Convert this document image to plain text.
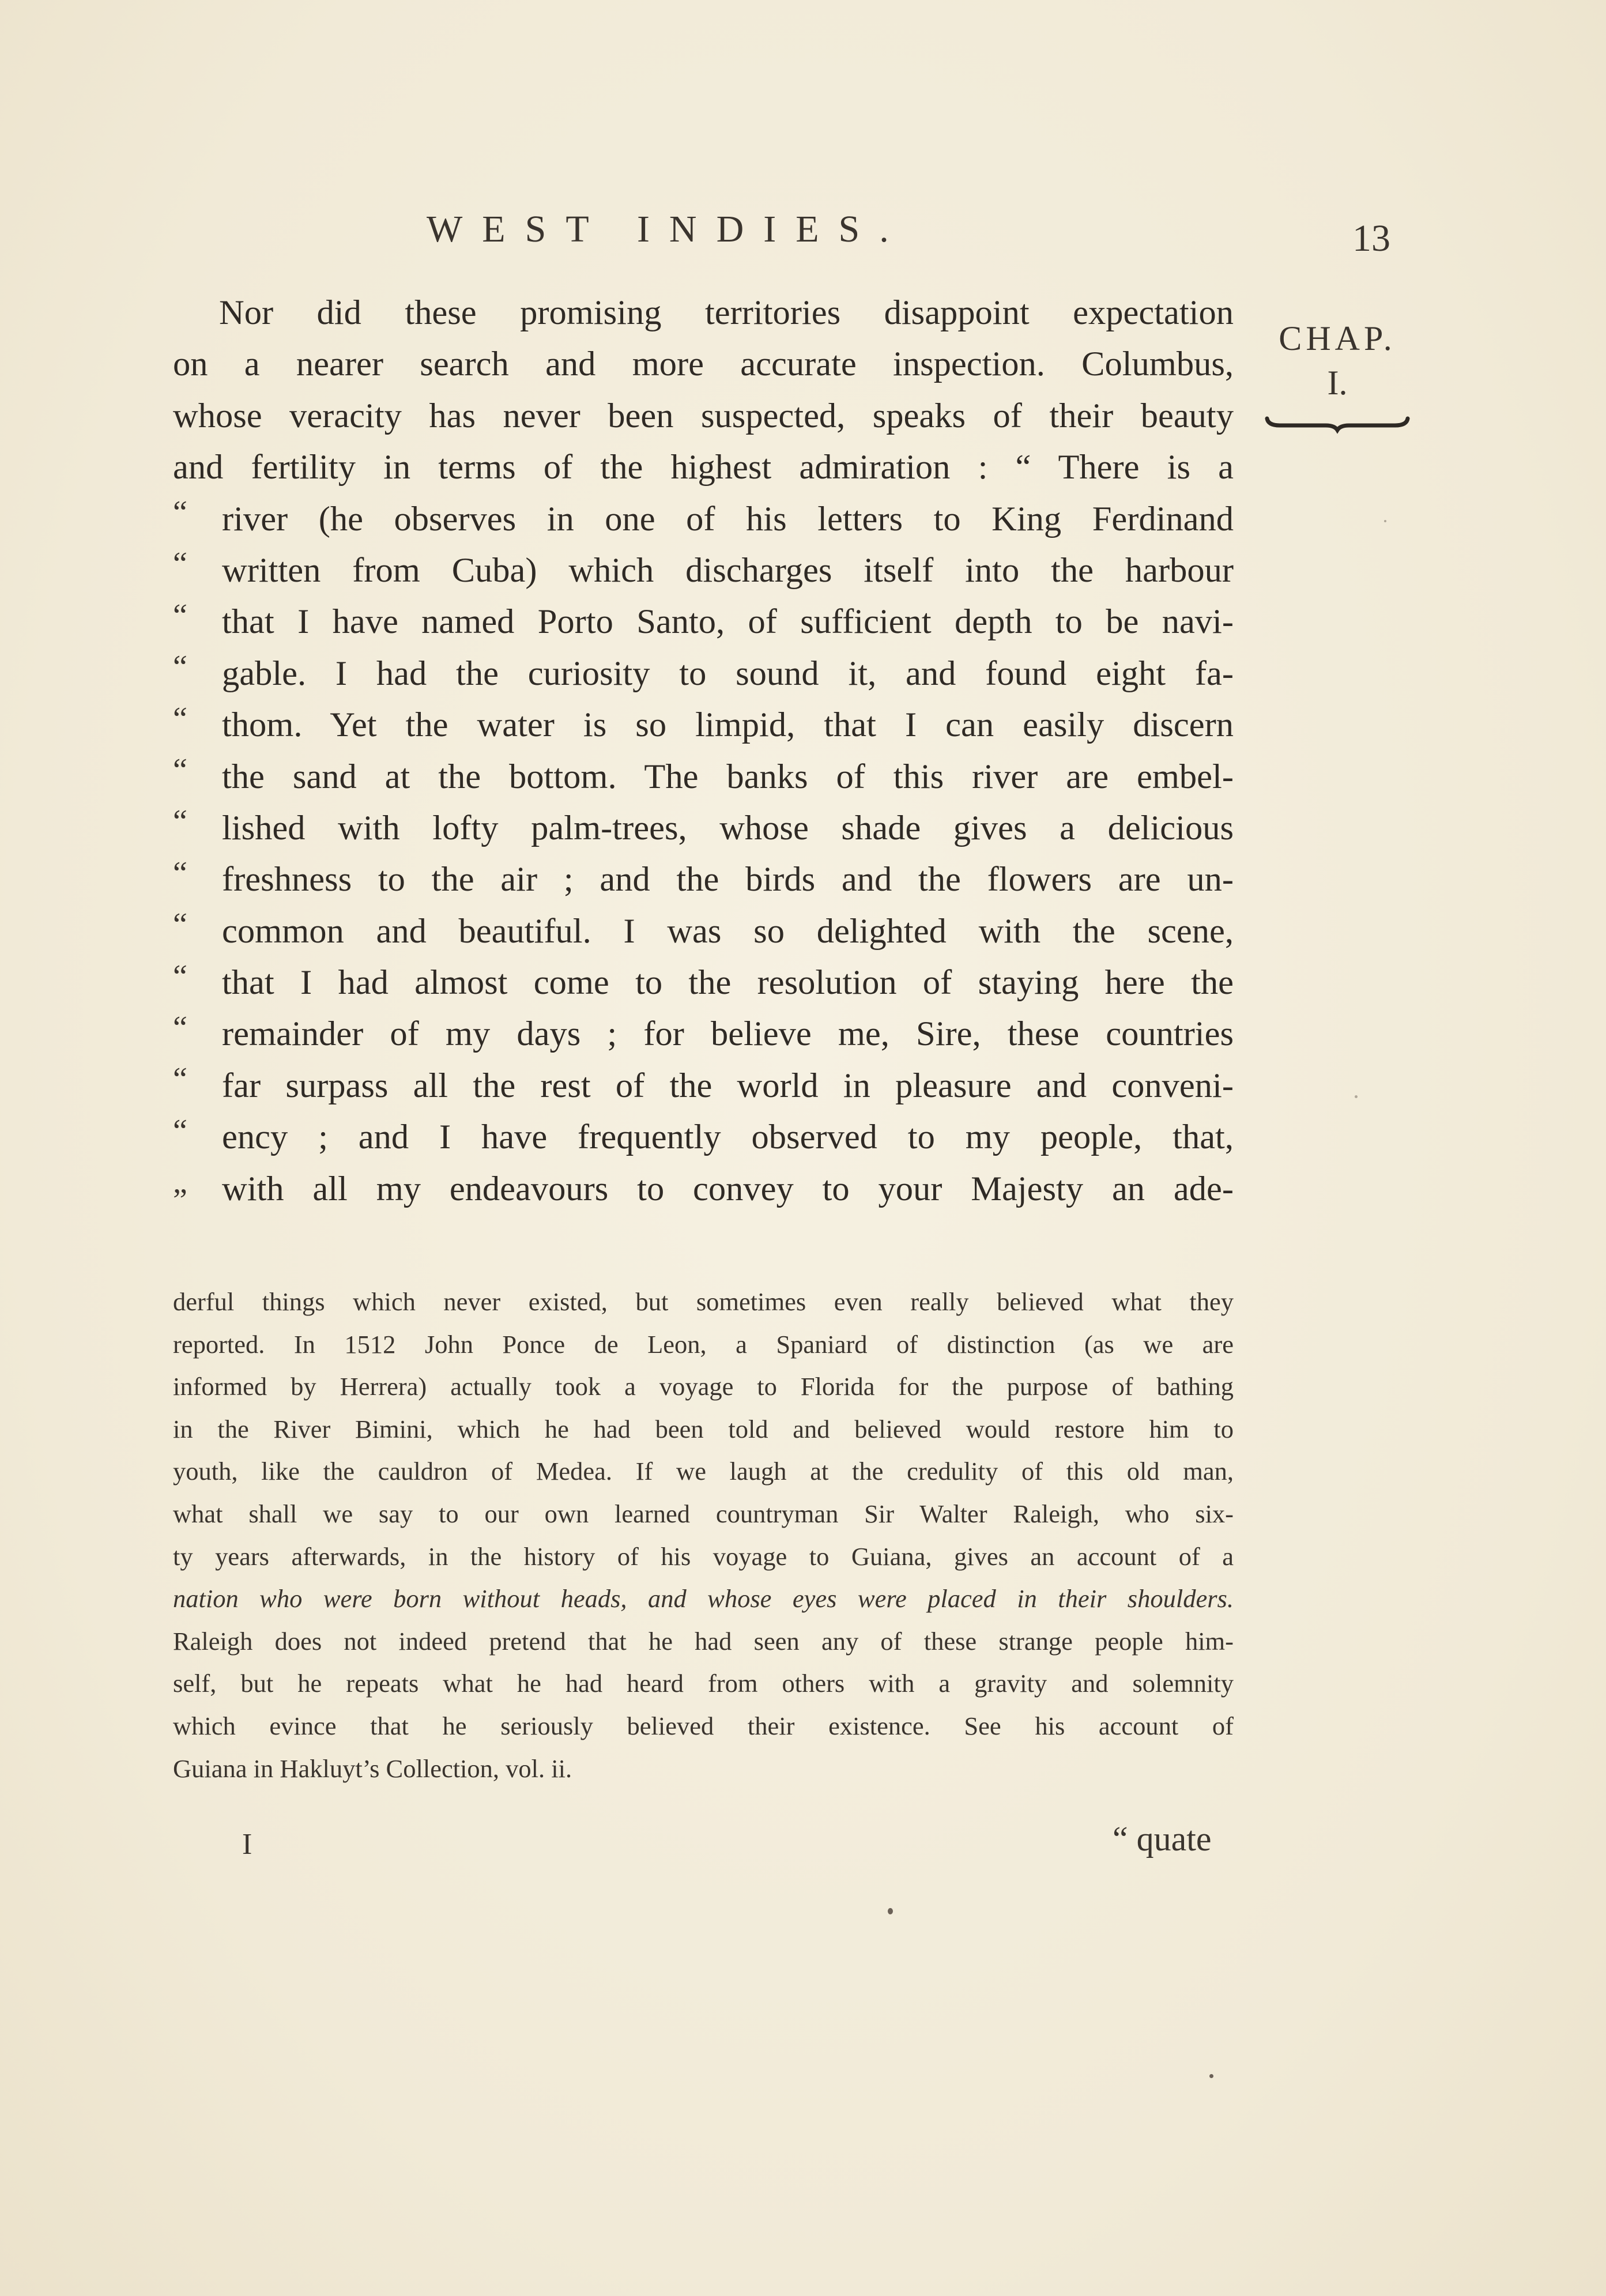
WEST INDIES.	13
CHAP.
I.
Nor did these promising territories disappoint expectation
on a nearer search and more accurate inspection. Columbus,
whose veracity has never been suspected, speaks of their beauty
and fertility in terms of the highest admiration : “ There is a
river (he observes in one of his letters to King Ferdinand
written from Cuba) which discharges itself into the harbour
that I have named Porto Santo, of sufficient depth to be navi-
gable. I had the curiosity to sound it, and found eight fa-
thom. Yet the water is so limpid, that I can easily discern
the sand at the bottom. The banks of this river are embel-
lished with lofty palm-trees, whose shade gives a delicious
freshness to the air ; and the birds and the flowers are un-
common and beautiful. I was so delighted with the scene,
that I had almost come to the resolution of staying here the
remainder of my days ; for believe me, Sire, these countries
far surpass all the rest of the world in pleasure and conveni-
ency ; and I have frequently observed to my people, that,
with all my endeavours to convey to your Majesty an ade-
“
“
“
“
“
“
“
“
“
“
“
“
“
„
derful things which never existed, but sometimes even really believed what they
reported. In 1512 John Ponce de Leon, a Spaniard of distinction (as we are
informed by Herrera) actually took a voyage to Florida for the purpose of bathing
in the River Bimini, which he had been told and believed would restore him to
youth, like the cauldron of Medea. If we laugh at the credulity of this old man,
what shall we say to our own learned countryman Sir Walter Raleigh, who six-
ty years afterwards, in the history of his voyage to Guiana, gives an account of a
nation who were born without heads, and whose eyes were placed in their shoulders.
Raleigh does not indeed pretend that he had seen any of these strange people him-
self, but he repeats what he had heard from others with a gravity and solemnity
which evince that he seriously believed their existence. See his account of
Guiana in Hakluyt’s Collection, vol. ii.
I	“ quate
